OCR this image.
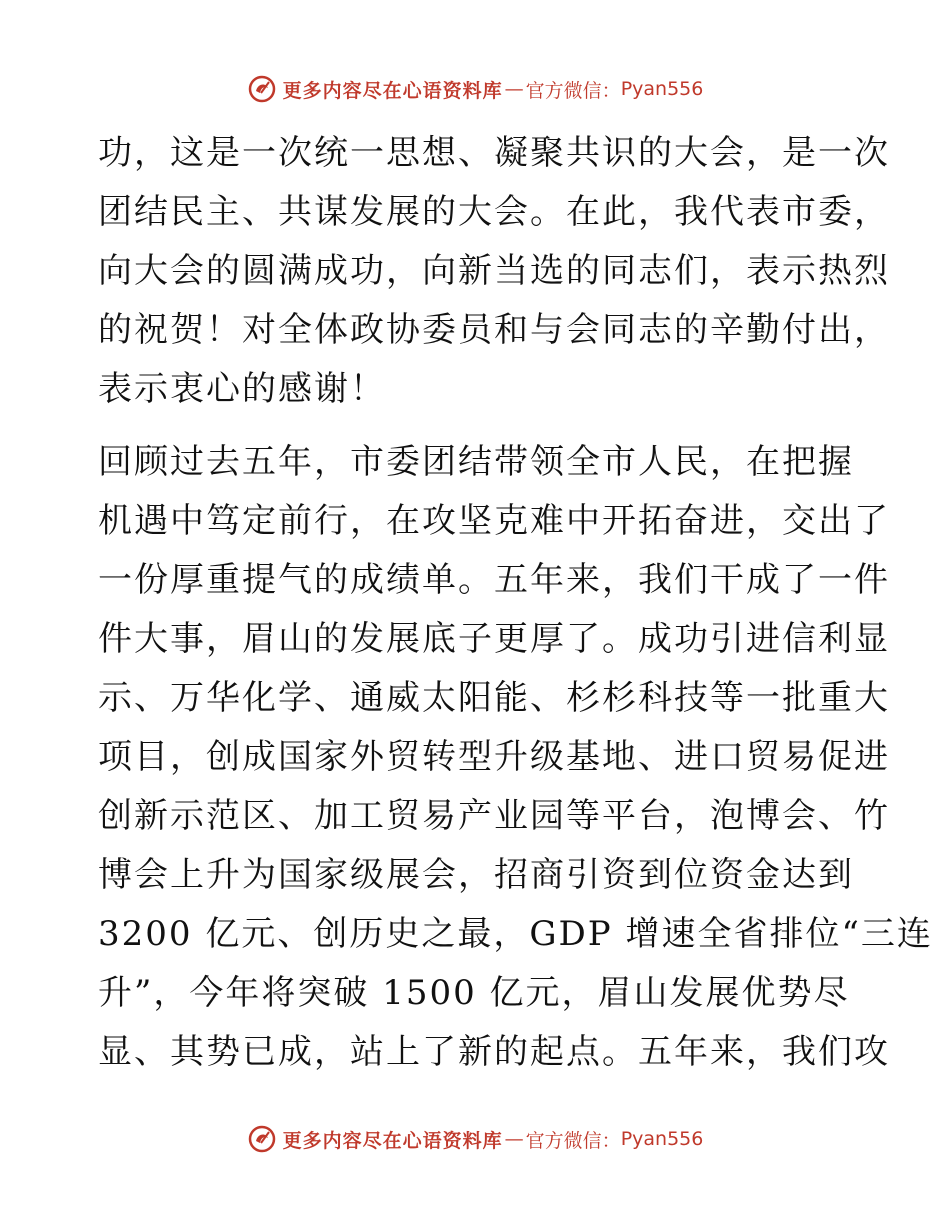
更多内容尽在心语资料库 — 官方微信： Pyan556
功，这是一次统一思想、凝聚共识的大会，是一次
团结民主、共谋发展的大会。在此，我代表市委，
向大会的圆满成功，向新当选的同志们，表示热烈
的祝贺！对全体政协委员和与会同志的辛勤付出，
表示衷心的感谢！
回顾过去五年，市委团结带领全市人民，在把握
机遇中笃定前行，在攻坚克难中开拓奋进，交出了
一份厚重提气的成绩单。五年来，我们干成了一件
件大事，眉山的发展底子更厚了。成功引进信利显
示、万华化学、通威太阳能、杉杉科技等一批重大
项目，创成国家外贸转型升级基地、进口贸易促进
创新示范区、加工贸易产业园等平台，泡博会、竹
博会上升为国家级展会，招商引资到位资金达到
3200 亿元、创历史之最，GDP 增速全省排位“三连
升”，今年将突破 1500 亿元，眉山发展优势尽
显、其势已成，站上了新的起点。五年来，我们攻
更多内容尽在心语资料库 — 官方微信： Pyan556
